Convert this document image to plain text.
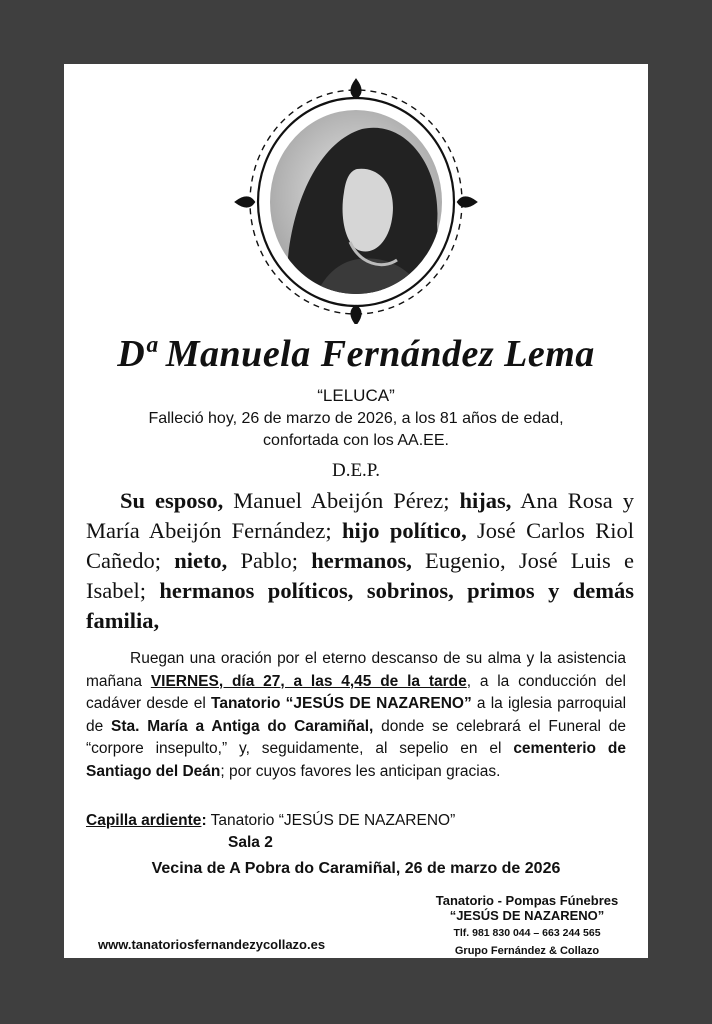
Dª Manuela Fernández Lema
“LELUCA”
Falleció hoy, 26 de marzo de 2026, a los 81 años de edad,
confortada con los AA.EE.
D.E.P.

Su esposo, Manuel Abeijón Pérez; hijas, Ana Rosa y María Abeijón Fernández; hijo político, José Carlos Riol Cañedo; nieto, Pablo; hermanos, Eugenio, José Luis e Isabel; hermanos políticos, sobrinos, primos y demás familia,

Ruegan una oración por el eterno descanso de su alma y la asistencia mañana VIERNES, día 27, a las 4,45 de la tarde, a la conducción del cadáver desde el Tanatorio “JESÚS DE NAZARENO” a la iglesia parroquial de Sta. María a Antiga do Caramiñal, donde se celebrará el Funeral de “corpore insepulto,” y, seguidamente, al sepelio en el cementerio de Santiago del Deán; por cuyos favores les anticipan gracias.

Capilla ardiente: Tanatorio “JESÚS DE NAZARENO”
Sala 2
Vecina de A Pobra do Caramiñal, 26 de marzo de 2026
Tanatorio - Pompas Fúnebres
“JESÚS DE NAZARENO”
Tlf. 981 830 044 – 663 244 565
Grupo Fernández & Collazo
www.tanatoriosfernandezycollazo.es
